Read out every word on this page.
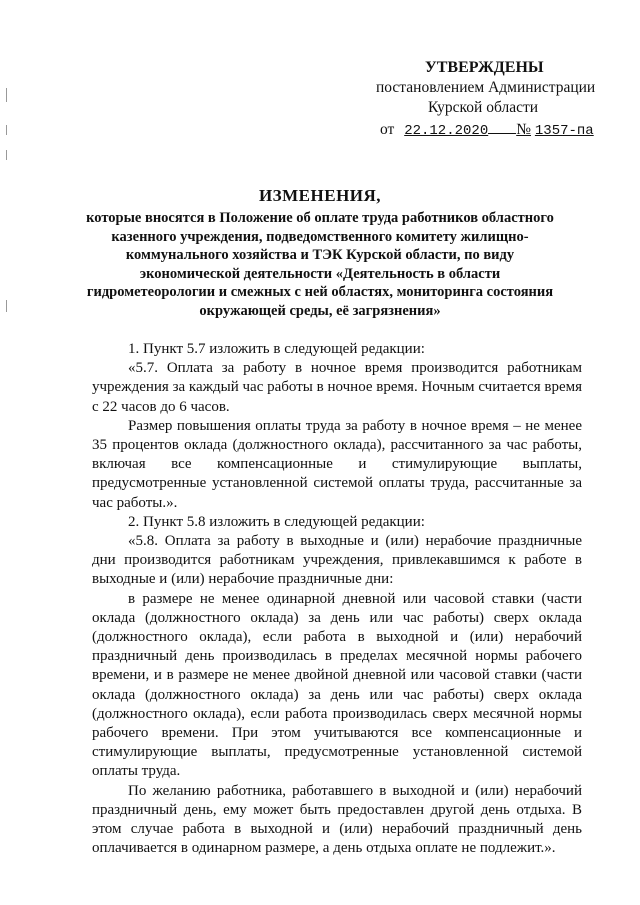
УТВЕРЖДЕНЫ
постановлением Администрации
Курской области
от 22.12.2020 № 1357-па
ИЗМЕНЕНИЯ,
которые вносятся в Положение об оплате труда работников областного казенного учреждения, подведомственного комитету жилищно-коммунального хозяйства и ТЭК Курской области, по виду экономической деятельности «Деятельность в области гидрометеорологии и смежных с ней областях, мониторинга состояния окружающей среды, её загрязнения»

1. Пункт 5.7 изложить в следующей редакции:

«5.7. Оплата за работу в ночное время производится работникам учреждения за каждый час работы в ночное время. Ночным считается время с 22 часов до 6 часов.

Размер повышения оплаты труда за работу в ночное время – не менее 35 процентов оклада (должностного оклада), рассчитанного за час работы, включая все компенсационные и стимулирующие выплаты, предусмотренные установленной системой оплаты труда, рассчитанные за час работы.».

2. Пункт 5.8 изложить в следующей редакции:

«5.8. Оплата за работу в выходные и (или) нерабочие праздничные дни производится работникам учреждения, привлекавшимся к работе в выходные и (или) нерабочие праздничные дни:

в размере не менее одинарной дневной или часовой ставки (части оклада (должностного оклада) за день или час работы) сверх оклада (должностного оклада), если работа в выходной и (или) нерабочий праздничный день производилась в пределах месячной нормы рабочего времени, и в размере не менее двойной дневной или часовой ставки (части оклада (должностного оклада) за день или час работы) сверх оклада (должностного оклада), если работа производилась сверх месячной нормы рабочего времени. При этом учитываются все компенсационные и стимулирующие выплаты, предусмотренные установленной системой оплаты труда.

По желанию работника, работавшего в выходной и (или) нерабочий праздничный день, ему может быть предоставлен другой день отдыха. В этом случае работа в выходной и (или) нерабочий праздничный день оплачивается в одинарном размере, а день отдыха оплате не подлежит.».
